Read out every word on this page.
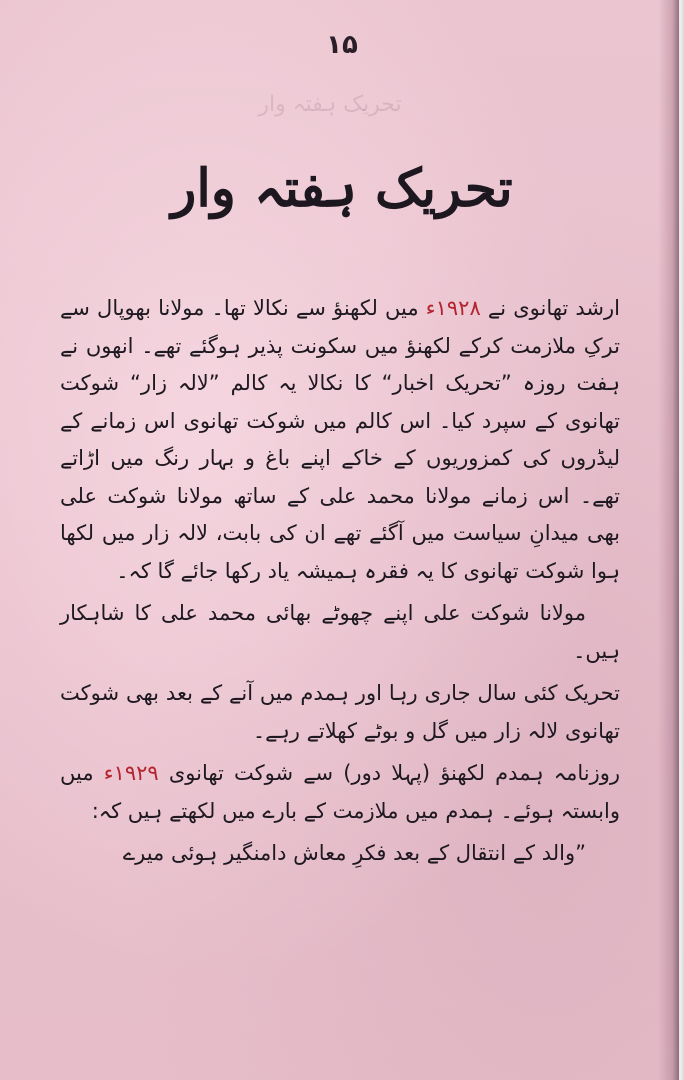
۱۵
تحریک ہفتہ وار
تحریک ہفتہ وار

ارشد تھانوی نے ۱۹۲۸ء میں لکھنؤ سے نکالا تھا۔ مولانا بھوپال سے ترکِ ملازمت کرکے لکھنؤ میں سکونت پذیر ہوگئے تھے۔ انھوں نے ہفت روزہ ”تحریک اخبار“ کا نکالا یہ کالم ”لالہ زار“ شوکت تھانوی کے سپرد کیا۔ اس کالم میں شوکت تھانوی اس زمانے کے لیڈروں کی کمزوریوں کے خاکے اپنے باغ و بہار رنگ میں اڑاتے تھے۔ اس زمانے مولانا محمد علی کے ساتھ مولانا شوکت علی بھی میدانِ سیاست میں آگئے تھے ان کی بابت، لالہ زار میں لکھا ہوا شوکت تھانوی کا یہ فقرہ ہمیشہ یاد رکھا جائے گا کہ۔

مولانا شوکت علی اپنے چھوٹے بھائی محمد علی کا شاہکار ہیں۔

تحریک کئی سال جاری رہا اور ہمدم میں آنے کے بعد بھی شوکت تھانوی لالہ زار میں گل و بوٹے کھلاتے رہے۔

روزنامہ ہمدم لکھنؤ (پہلا دور) سے شوکت تھانوی ۱۹۲۹ء میں وابستہ ہوئے۔ ہمدم میں ملازمت کے بارے میں لکھتے ہیں کہ:

”والد کے انتقال کے بعد فکرِ معاش دامنگیر ہوئی میرے
